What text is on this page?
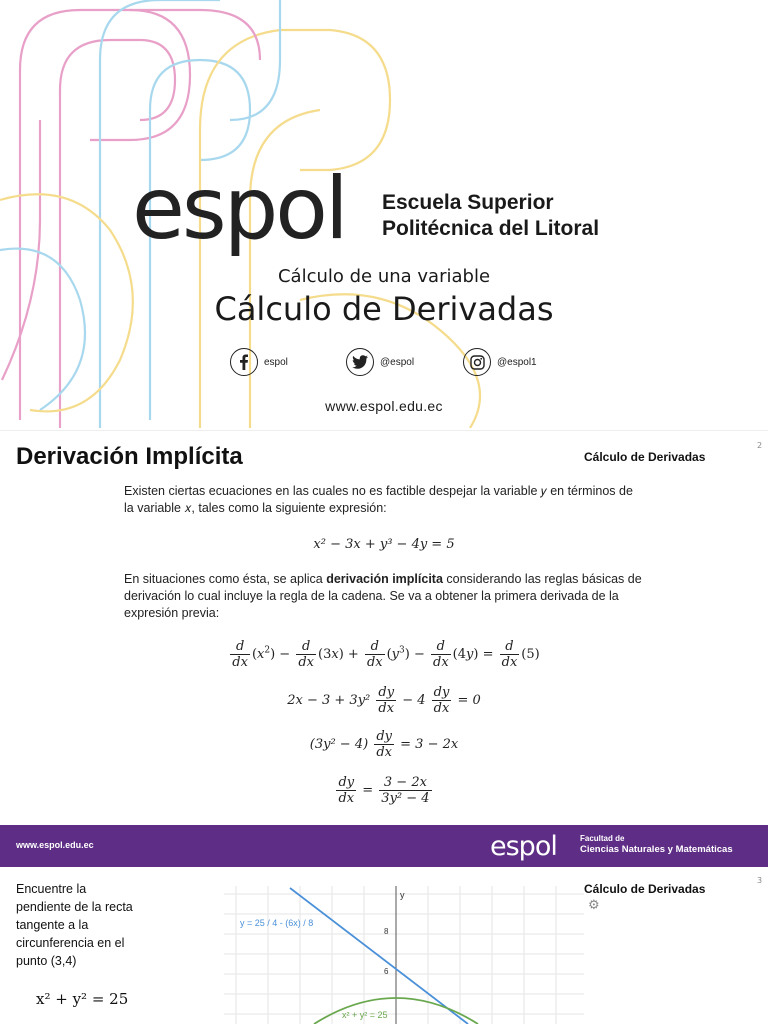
espol Escuela Superior
Politécnica del Litoral
Cálculo de una variable
Cálculo de Derivadas
espol	@espol	@espol1
www.espol.edu.ec
Derivación Implícita	Cálculo de Derivadas
2
Existen ciertas ecuaciones en las cuales no es factible despejar la variable 𝑦 en términos de la variable 𝑥, tales como la siguiente expresión:
x² − 3x + y³ − 4y = 5
En situaciones como ésta, se aplica derivación implícita considerando las reglas básicas de derivación lo cual incluye la regla de la cadena. Se va a obtener la primera derivada de la expresión previa:
$\frac{d}{dx} (x^2) - \frac{d}{dx} (3x) + \frac{d}{dx} (y^3) - \frac{d}{dx} (4y) = \frac{d}{dx} (5)$
$2x - 3 + 3y^2 \frac{dy}{dx} - 4 \frac{dy}{dx} = 0$
$(3y^2 - 4) \frac{dy}{dx} = 3 - 2x$
$\frac{dy}{dx} = \frac{3 - 2x}{\text{3y² − 4}}$
www.espol.edu.ec	espol	Facultad de
Ciencias Naturales y Matemáticas
Encuentre la pendiente de la recta tangente a la circunferencia en el punto (3,4)
x² + y² = 25
y
8
6
y = 25 / 4 - (6x) / 8
x² + y² = 25
Cálculo de Derivadas
3
⚙
